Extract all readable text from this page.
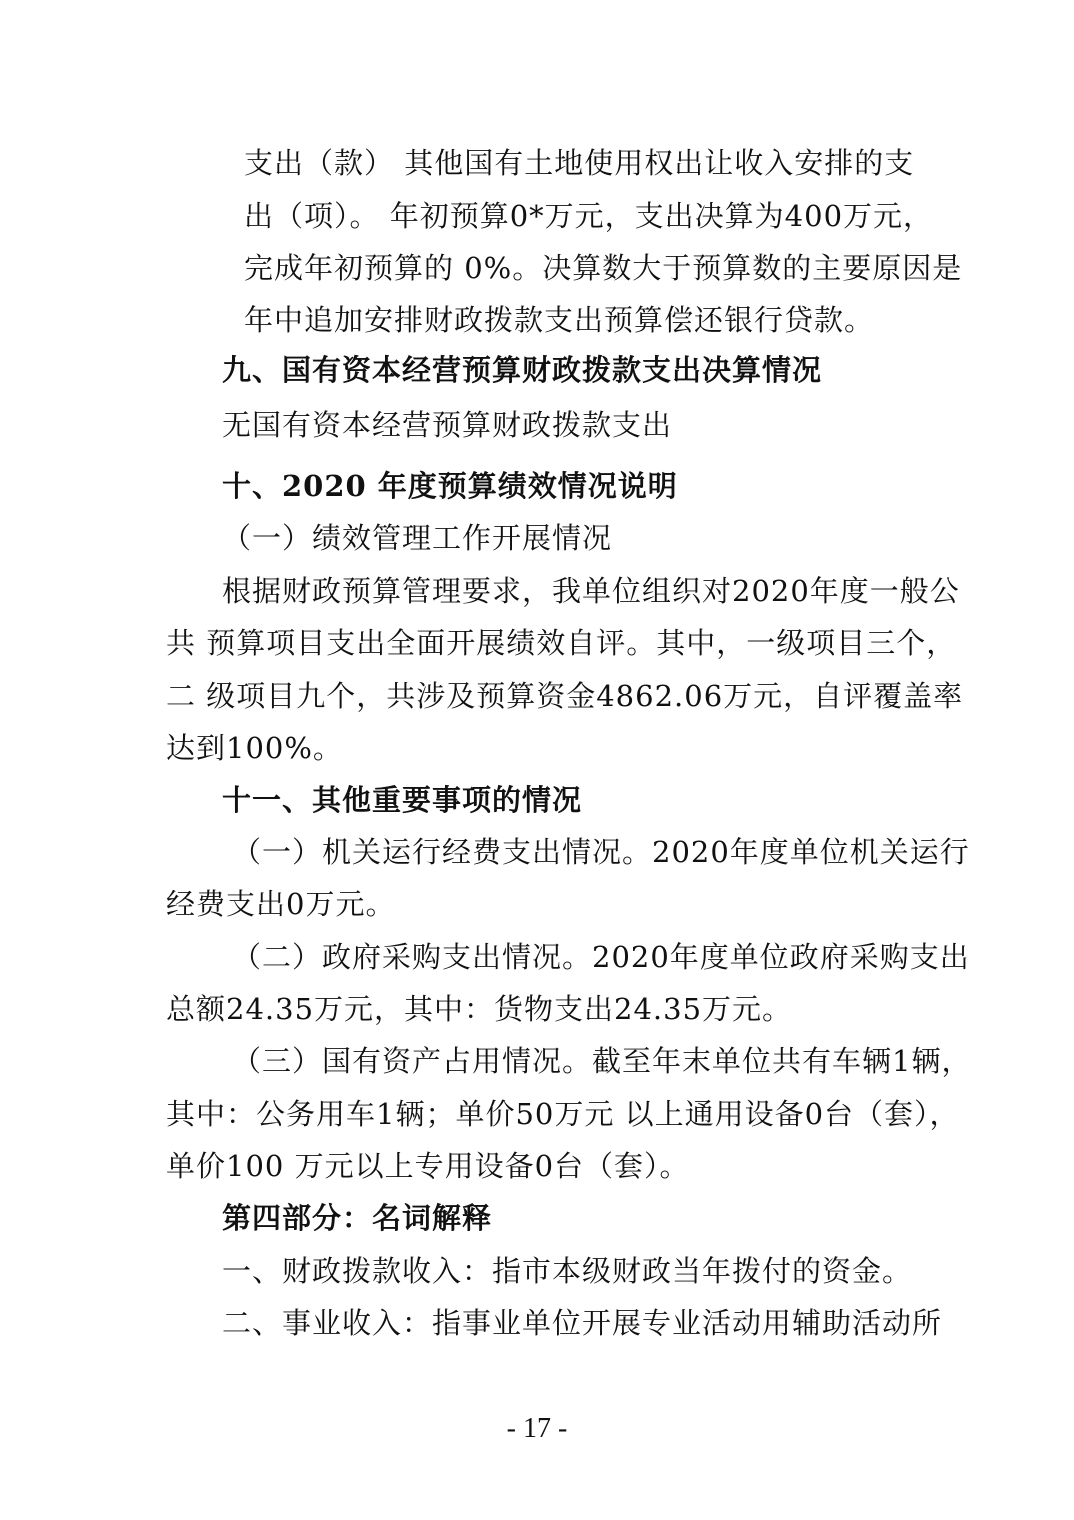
支出（款） 其他国有土地使用权出让收入安排的支
出（项）。 年初预算0*万元，支出决算为400万元，
完成年初预算的 0%。决算数大于预算数的主要原因是
年中追加安排财政拨款支出预算偿还银行贷款。
九、国有资本经营预算财政拨款支出决算情况
无国有资本经营预算财政拨款支出
十、2020 年度预算绩效情况说明
（一）绩效管理工作开展情况
根据财政预算管理要求，我单位组织对2020年度一般公
共 预算项目支出全面开展绩效自评。其中，一级项目三个，
二 级项目九个，共涉及预算资金4862.06万元，自评覆盖率
达到100%。
十一、其他重要事项的情况
（一）机关运行经费支出情况。2020年度单位机关运行
经费支出0万元。
（二）政府采购支出情况。2020年度单位政府采购支出
总额24.35万元，其中：货物支出24.35万元。
（三）国有资产占用情况。截至年末单位共有车辆1辆，
其中：公务用车1辆；单价50万元 以上通用设备0台（套），
单价100 万元以上专用设备0台（套）。
第四部分：名词解释
一、财政拨款收入：指市本级财政当年拨付的资金。
二、事业收入：指事业单位开展专业活动用辅助活动所
- 17 -
